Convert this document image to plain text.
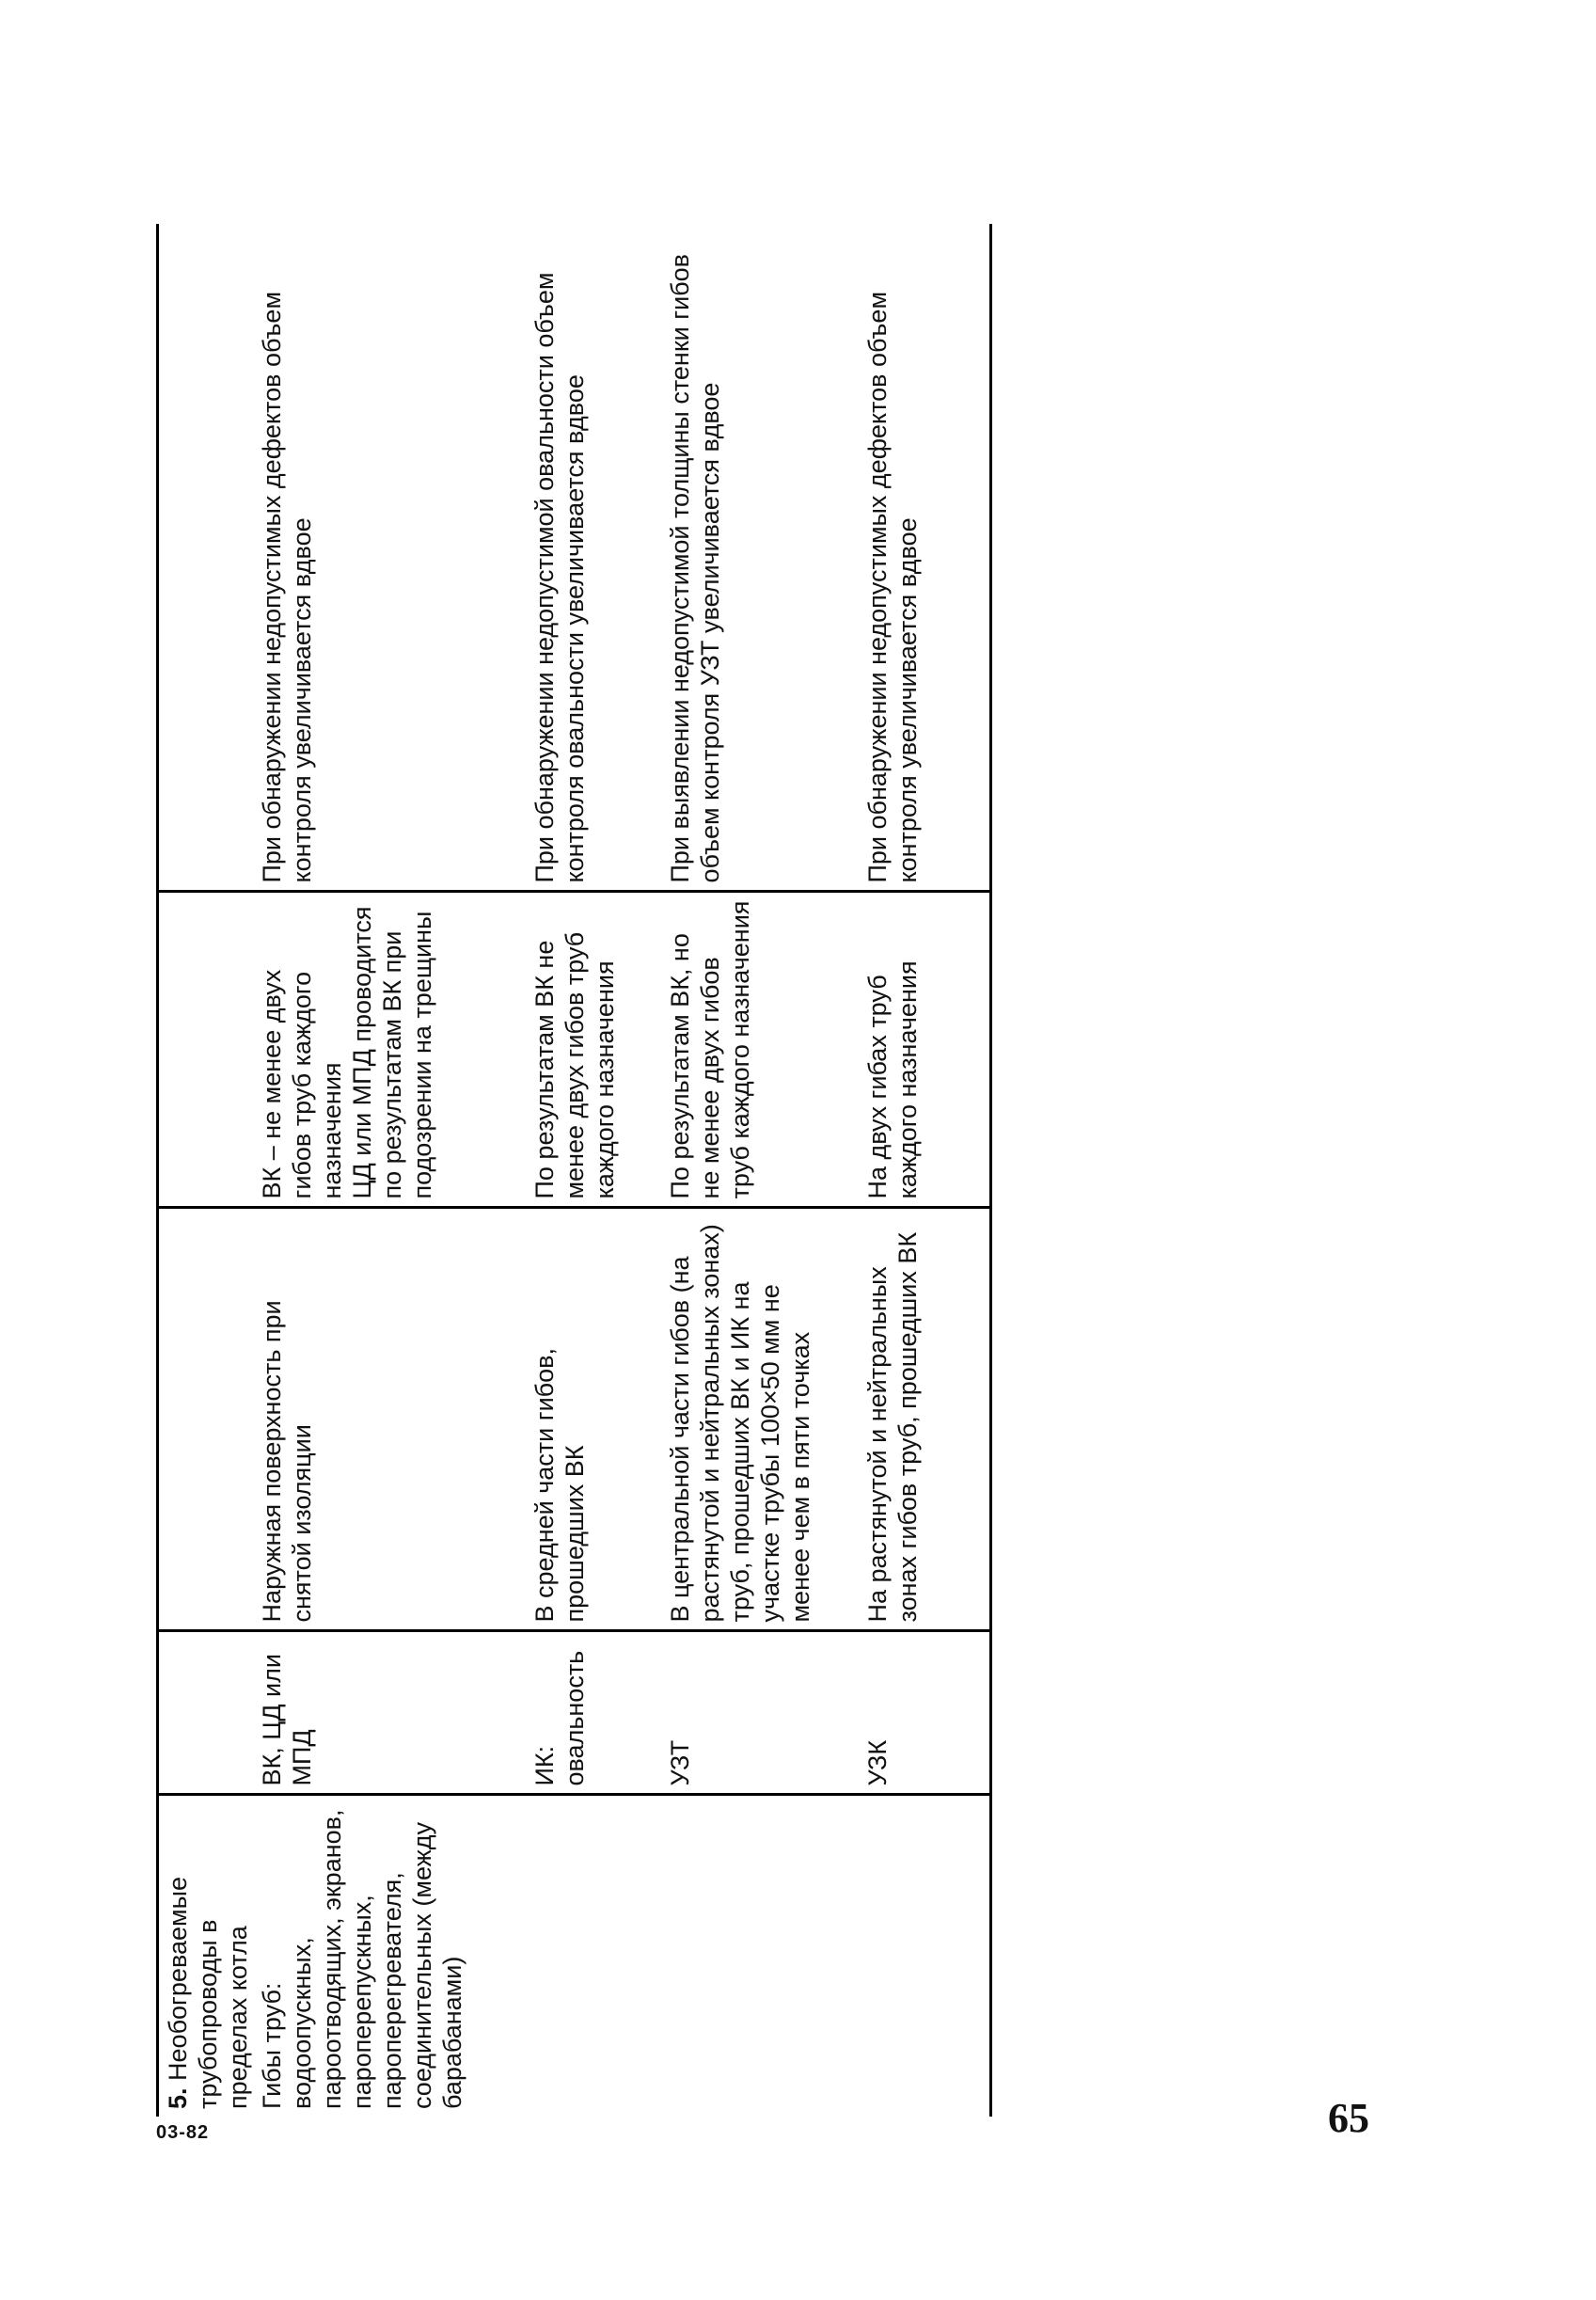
5. Необогреваемые трубопроводы в пределах котла				

Гибы труб: водоопускных, пароотводящих, экранов, пароперепускных, пароперегревателя, соединительных (между барабанами)	ВК, ЦД или МПД	Наружная поверхность при снятой изоляции	ВК – не менее двух гибов труб каждого назначения ЦД или МПД проводится по результатам ВК при подозрении на трещины	При обнаружении недопустимых дефектов объем контроля увеличивается вдвое

	ИК: овальность	В средней части гибов, прошедших ВК	По результатам ВК не менее двух гибов труб каждого назначения	При обнаружении недопустимой овальности объем контроля овальности увеличивается вдвое

	УЗТ	В центральной части гибов (на растянутой и нейтральных зонах) труб, прошедших ВК и ИК на участке трубы 100×50 мм не менее чем в пяти точках	По результатам ВК, но не менее двух гибов труб каждого назначения	При выявлении недопустимой толщины стенки гибов объем контроля УЗТ увеличивается вдвое

	УЗК	На растянутой и нейтральных зонах гибов труб, прошедших ВК	На двух гибах труб каждого назначения	При обнаружении недопустимых дефектов объем контроля увеличивается вдвое
03-82	65
